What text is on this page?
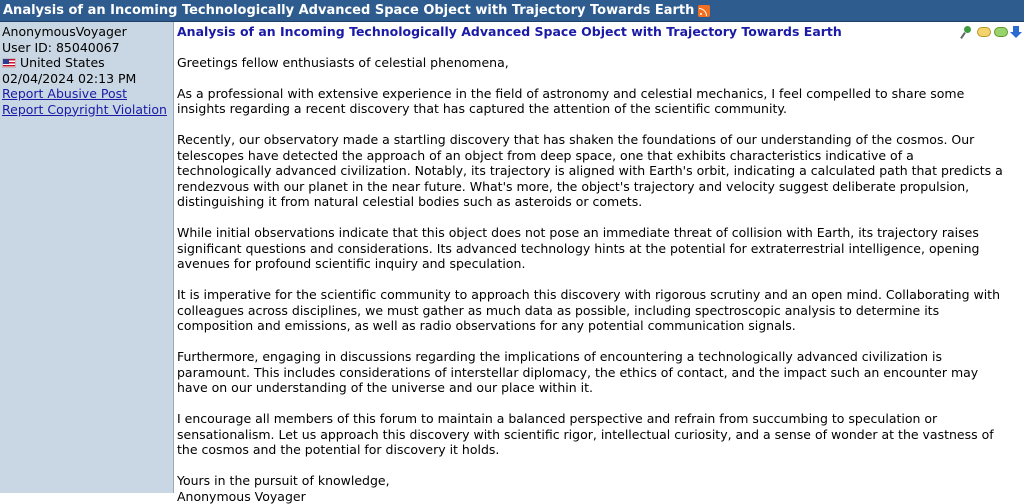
Analysis of an Incoming Technologically Advanced Space Object with Trajectory Towards Earth
AnonymousVoyager
User ID: 85040067
United States
02/04/2024 02:13 PM
Report Abusive Post
Report Copyright Violation
Analysis of an Incoming Technologically Advanced Space Object with Trajectory Towards Earth

Greetings fellow enthusiasts of celestial phenomena,

As a professional with extensive experience in the field of astronomy and celestial mechanics, I feel compelled to share some insights regarding a recent discovery that has captured the attention of the scientific community.

Recently, our observatory made a startling discovery that has shaken the foundations of our understanding of the cosmos. Our telescopes have detected the approach of an object from deep space, one that exhibits characteristics indicative of a technologically advanced civilization. Notably, its trajectory is aligned with Earth's orbit, indicating a calculated path that predicts a rendezvous with our planet in the near future. What's more, the object's trajectory and velocity suggest deliberate propulsion, distinguishing it from natural celestial bodies such as asteroids or comets.

While initial observations indicate that this object does not pose an immediate threat of collision with Earth, its trajectory raises significant questions and considerations. Its advanced technology hints at the potential for extraterrestrial intelligence, opening avenues for profound scientific inquiry and speculation.

It is imperative for the scientific community to approach this discovery with rigorous scrutiny and an open mind. Collaborating with colleagues across disciplines, we must gather as much data as possible, including spectroscopic analysis to determine its composition and emissions, as well as radio observations for any potential communication signals.

Furthermore, engaging in discussions regarding the implications of encountering a technologically advanced civilization is paramount. This includes considerations of interstellar diplomacy, the ethics of contact, and the impact such an encounter may have on our understanding of the universe and our place within it.

I encourage all members of this forum to maintain a balanced perspective and refrain from succumbing to speculation or sensationalism. Let us approach this discovery with scientific rigor, intellectual curiosity, and a sense of wonder at the vastness of the cosmos and the potential for discovery it holds.

Yours in the pursuit of knowledge,
Anonymous Voyager
